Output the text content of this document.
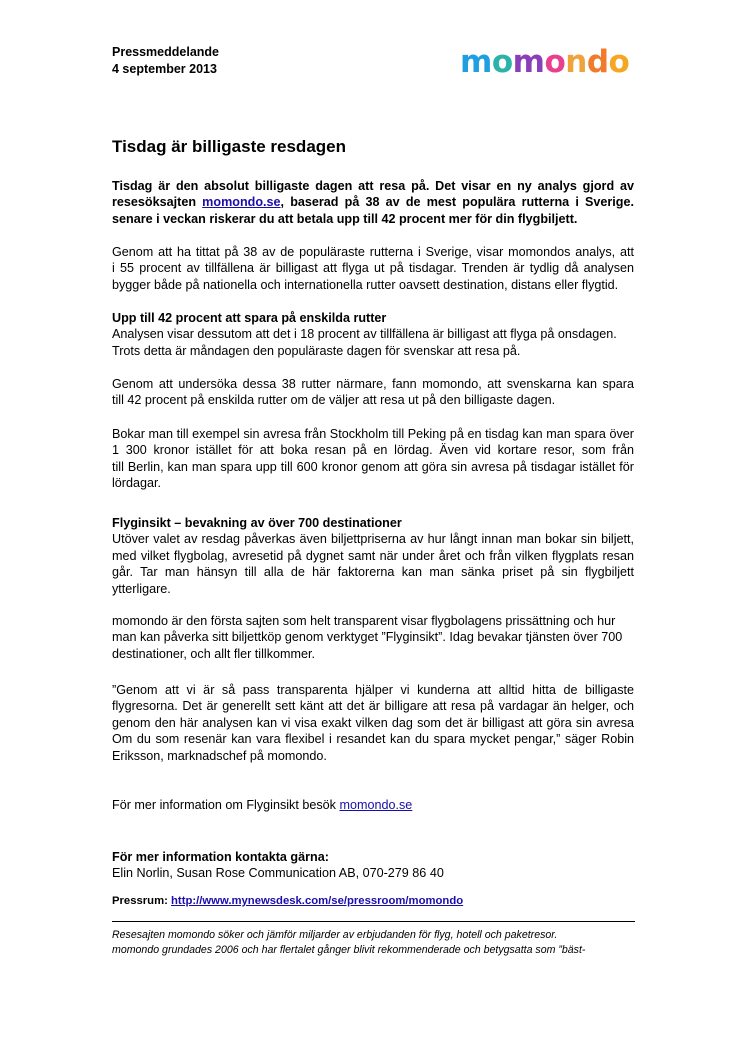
Pressmeddelande
4 september 2013	momondo
Tisdag är billigaste resdagen
Tisdag är den absolut billigaste dagen att resa på. Det visar en ny analys gjord av
resesöksajten momondo.se, baserad på 38 av de mest populära rutterna i Sverige.
senare i veckan riskerar du att betala upp till 42 procent mer för din flygbiljett.
Genom att ha tittat på 38 av de populäraste rutterna i Sverige, visar momondos analys, att
i 55 procent av tillfällena är billigast att flyga ut på tisdagar. Trenden är tydlig då analysen
bygger både på nationella och internationella rutter oavsett destination, distans eller flygtid.
Upp till 42 procent att spara på enskilda rutter
Analysen visar dessutom att det i 18 procent av tillfällena är billigast att flyga på onsdagen.
Trots detta är måndagen den populäraste dagen för svenskar att resa på.
Genom att undersöka dessa 38 rutter närmare, fann momondo, att svenskarna kan spara
till 42 procent på enskilda rutter om de väljer att resa ut på den billigaste dagen.
Bokar man till exempel sin avresa från Stockholm till Peking på en tisdag kan man spara över
1 300 kronor istället för att boka resan på en lördag. Även vid kortare resor, som från
till Berlin, kan man spara upp till 600 kronor genom att göra sin avresa på tisdagar istället för
lördagar.
Flyginsikt – bevakning av över 700 destinationer
Utöver valet av resdag påverkas även biljettpriserna av hur långt innan man bokar sin biljett,
med vilket flygbolag, avresetid på dygnet samt när under året och från vilken flygplats resan
går. Tar man hänsyn till alla de här faktorerna kan man sänka priset på sin flygbiljett
ytterligare.
momondo är den första sajten som helt transparent visar flygbolagens prissättning och hur
man kan påverka sitt biljettköp genom verktyget ”Flyginsikt”. Idag bevakar tjänsten över 700
destinationer, och allt fler tillkommer.
”Genom att vi är så pass transparenta hjälper vi kunderna att alltid hitta de billigaste
flygresorna. Det är generellt sett känt att det är billigare att resa på vardagar än helger, och
genom den här analysen kan vi visa exakt vilken dag som det är billigast att göra sin avresa
Om du som resenär kan vara flexibel i resandet kan du spara mycket pengar,” säger Robin
Eriksson, marknadschef på momondo.
För mer information om Flyginsikt besök momondo.se
För mer information kontakta gärna:
Elin Norlin, Susan Rose Communication AB, 070-279 86 40
Pressrum: http://www.mynewsdesk.com/se/pressroom/momondo
Resesajten momondo söker och jämför miljarder av erbjudanden för flyg, hotell och paketresor.
momondo grundades 2006 och har flertalet gånger blivit rekommenderade och betygsatta som ”bäst-
